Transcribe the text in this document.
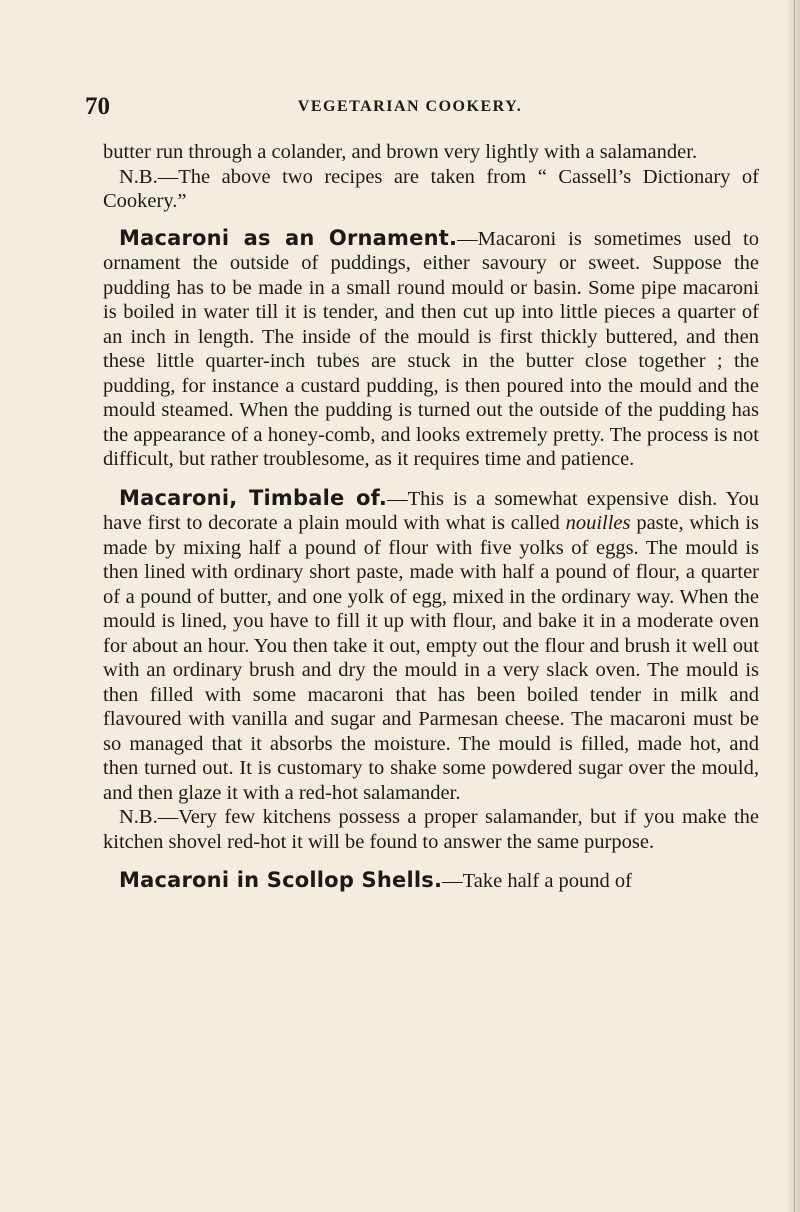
70	VEGETARIAN COOKERY.

butter run through a colander, and brown very lightly with a salamander.

N.B.—The above two recipes are taken from “ Cassell’s Dictionary of Cookery.”

Macaroni as an Ornament.—Macaroni is sometimes used to ornament the outside of puddings, either savoury or sweet. Suppose the pudding has to be made in a small round mould or basin. Some pipe macaroni is boiled in water till it is tender, and then cut up into little pieces a quarter of an inch in length. The inside of the mould is first thickly buttered, and then these little quarter-inch tubes are stuck in the butter close together ; the pudding, for instance a custard pudding, is then poured into the mould and the mould steamed. When the pudding is turned out the outside of the pudding has the appearance of a honey-comb, and looks extremely pretty. The process is not difficult, but rather troublesome, as it requires time and patience.

Macaroni, Timbale of.—This is a somewhat expensive dish. You have first to decorate a plain mould with what is called nouilles paste, which is made by mixing half a pound of flour with five yolks of eggs. The mould is then lined with ordinary short paste, made with half a pound of flour, a quarter of a pound of butter, and one yolk of egg, mixed in the ordinary way. When the mould is lined, you have to fill it up with flour, and bake it in a moderate oven for about an hour. You then take it out, empty out the flour and brush it well out with an ordinary brush and dry the mould in a very slack oven. The mould is then filled with some macaroni that has been boiled tender in milk and flavoured with vanilla and sugar and Parmesan cheese. The macaroni must be so managed that it absorbs the moisture. The mould is filled, made hot, and then turned out. It is customary to shake some powdered sugar over the mould, and then glaze it with a red-hot salamander.

N.B.—Very few kitchens possess a proper salamander, but if you make the kitchen shovel red-hot it will be found to answer the same purpose.

Macaroni in Scollop Shells.—Take half a pound of
